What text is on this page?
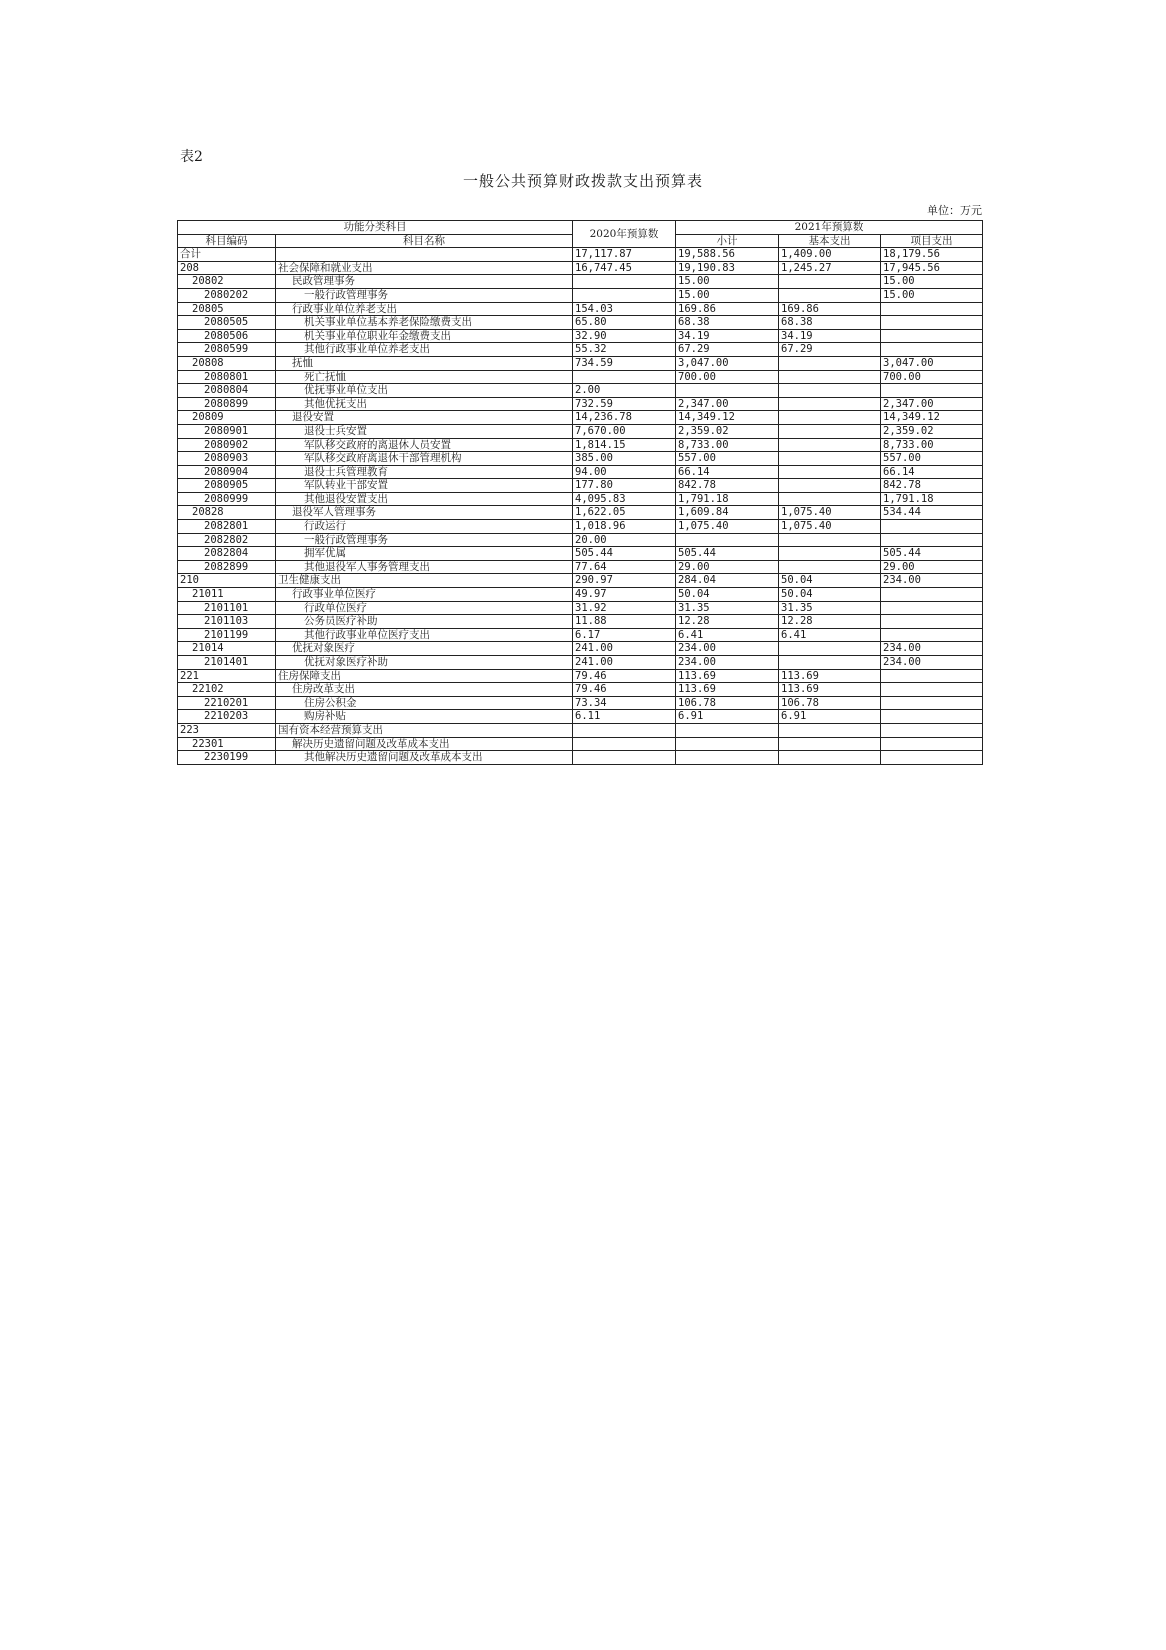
表2
一般公共预算财政拨款支出预算表
单位：万元
功能分类科目		2020年预算数	2021年预算数		
科目编码	科目名称		小计	基本支出	项目支出
合计		17,117.87	19,588.56	1,409.00	18,179.56
208	社会保障和就业支出	16,747.45	19,190.83	1,245.27	17,945.56
20802	民政管理事务		15.00		15.00
2080202	一般行政管理事务		15.00		15.00
20805	行政事业单位养老支出	154.03	169.86	169.86	
2080505	机关事业单位基本养老保险缴费支出	65.80	68.38	68.38	
2080506	机关事业单位职业年金缴费支出	32.90	34.19	34.19	
2080599	其他行政事业单位养老支出	55.32	67.29	67.29	
20808	抚恤	734.59	3,047.00		3,047.00
2080801	死亡抚恤		700.00		700.00
2080804	优抚事业单位支出	2.00			
2080899	其他优抚支出	732.59	2,347.00		2,347.00
20809	退役安置	14,236.78	14,349.12		14,349.12
2080901	退役士兵安置	7,670.00	2,359.02		2,359.02
2080902	军队移交政府的离退休人员安置	1,814.15	8,733.00		8,733.00
2080903	军队移交政府离退休干部管理机构	385.00	557.00		557.00
2080904	退役士兵管理教育	94.00	66.14		66.14
2080905	军队转业干部安置	177.80	842.78		842.78
2080999	其他退役安置支出	4,095.83	1,791.18		1,791.18
20828	退役军人管理事务	1,622.05	1,609.84	1,075.40	534.44
2082801	行政运行	1,018.96	1,075.40	1,075.40	
2082802	一般行政管理事务	20.00			
2082804	拥军优属	505.44	505.44		505.44
2082899	其他退役军人事务管理支出	77.64	29.00		29.00
210	卫生健康支出	290.97	284.04	50.04	234.00
21011	行政事业单位医疗	49.97	50.04	50.04	
2101101	行政单位医疗	31.92	31.35	31.35	
2101103	公务员医疗补助	11.88	12.28	12.28	
2101199	其他行政事业单位医疗支出	6.17	6.41	6.41	
21014	优抚对象医疗	241.00	234.00		234.00
2101401	优抚对象医疗补助	241.00	234.00		234.00
221	住房保障支出	79.46	113.69	113.69	
22102	住房改革支出	79.46	113.69	113.69	
2210201	住房公积金	73.34	106.78	106.78	
2210203	购房补贴	6.11	6.91	6.91	
223	国有资本经营预算支出				
22301	解决历史遗留问题及改革成本支出				
2230199	其他解决历史遗留问题及改革成本支出				
